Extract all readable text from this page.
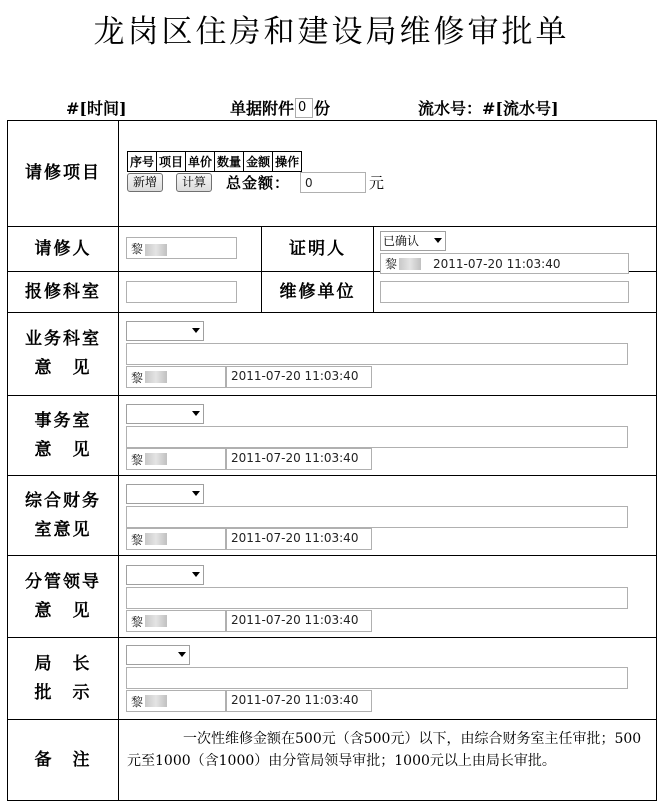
龙岗区住房和建设局维修审批单
#[时间]	单据附件
0 份	流水号：#[流水号]
请修项目	
序号	项目	单价	数量	金额	操作
新增	计算	总金额：
0	元

请修人	黎	证明人	已确认
黎	2011-07-20 11:03:40

报修科室		维修单位	

业务科室
意　见	黎	2011-07-20 11:03:40

事务室
意　见	黎	2011-07-20 11:03:40

综合财务
室意见	黎	2011-07-20 11:03:40

分管领导
意　见	
黎	2011-07-20 11:03:40

局　长
批　示	黎	2011-07-20 11:03:40

备　注	

一次性维修金额在500元（含500元）以下，由综合财务室主任审批；500元至1000（含1000）由分管局领导审批；1000元以上由局长审批。
